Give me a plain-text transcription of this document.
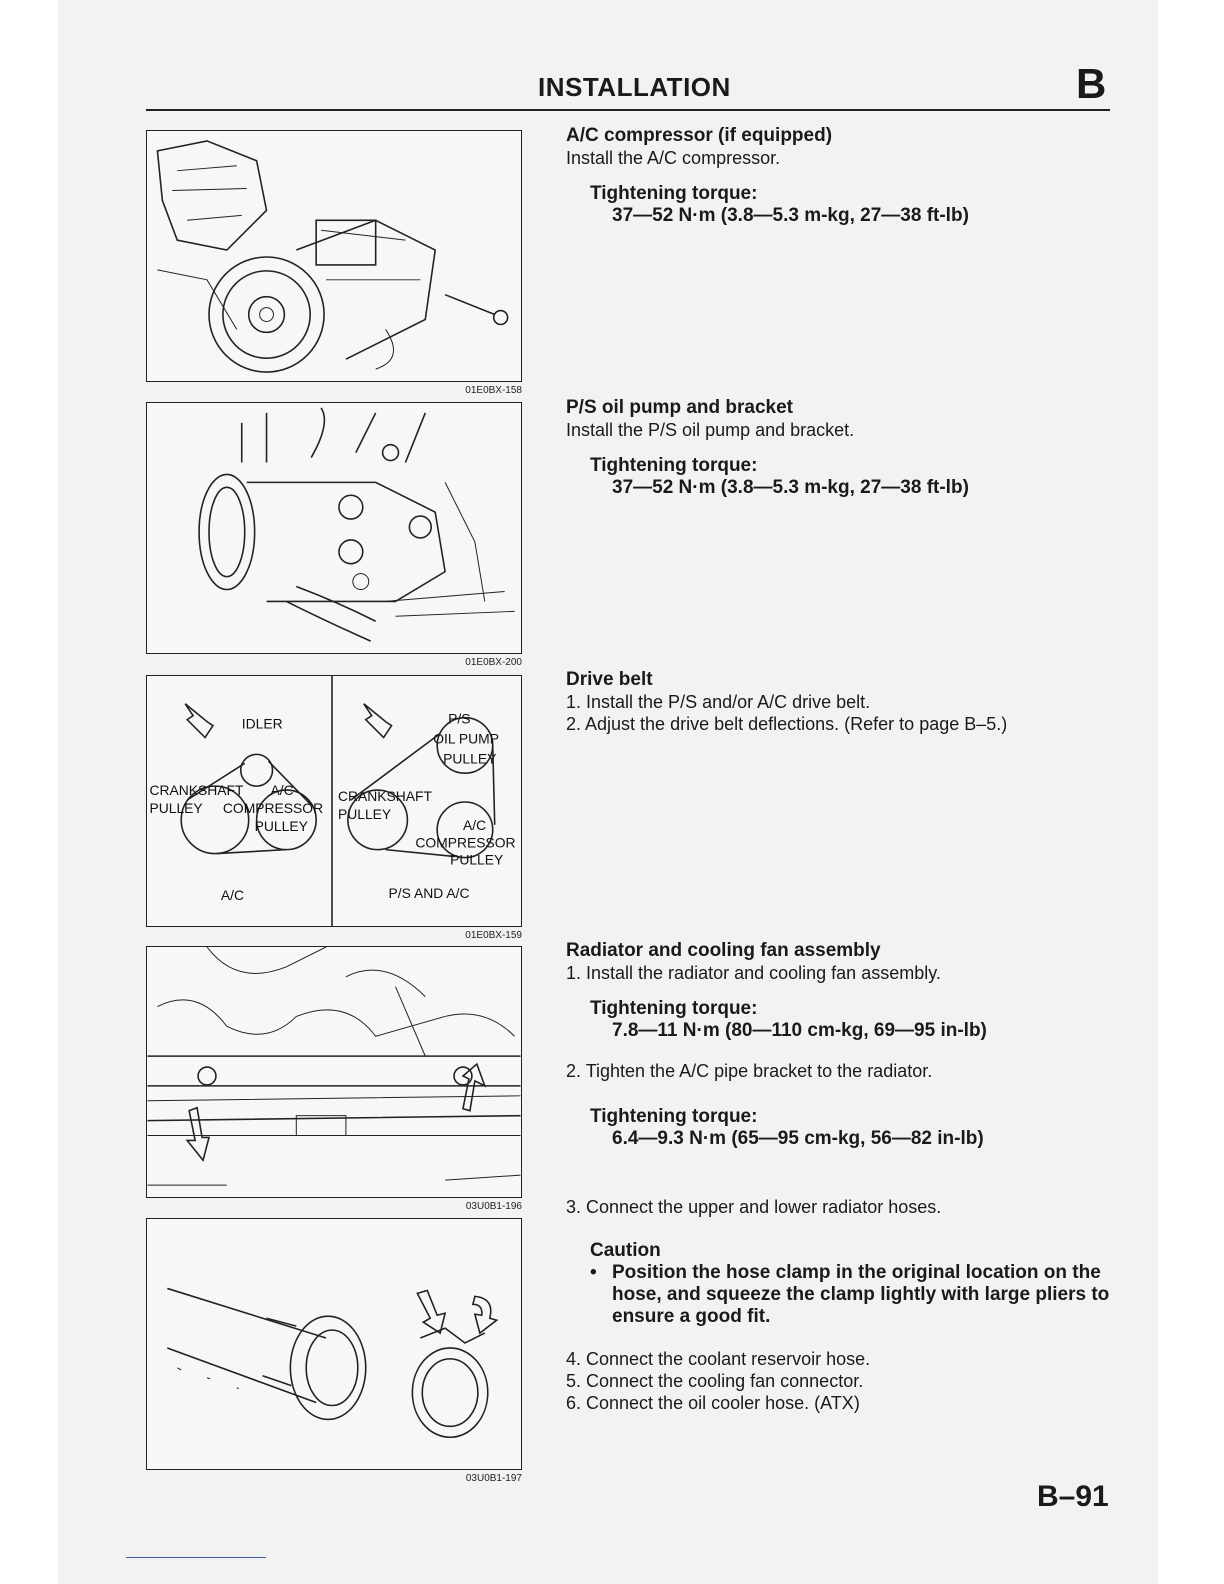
INSTALLATION	B
01E0BX-158
01E0BX-200
IDLER
CRANKSHAFT A/C
PULLEY COMPRESSOR
PULLEY
A/C
P/S
OIL PUMP
PULLEY
CRANKSHAFT
PULLEY
A/C
COMPRESSOR
PULLEY
P/S AND A/C
01E0BX-159
03U0B1-196
03U0B1-197
A/C compressor (if equipped)
Install the A/C compressor.
Tightening torque:
37—52 N·m (3.8—5.3 m-kg, 27—38 ft-lb)
P/S oil pump and bracket
Install the P/S oil pump and bracket.
Tightening torque:
37—52 N·m (3.8—5.3 m-kg, 27—38 ft-lb)
Drive belt
1. Install the P/S and/or A/C drive belt.
2. Adjust the drive belt deflections. (Refer to page B–5.)
Radiator and cooling fan assembly
1. Install the radiator and cooling fan assembly.
Tightening torque:
7.8—11 N·m (80—110 cm-kg, 69—95 in-lb)
2. Tighten the A/C pipe bracket to the radiator.
Tightening torque:
6.4—9.3 N·m (65—95 cm-kg, 56—82 in-lb)
3. Connect the upper and lower radiator hoses.
Caution
• Position the hose clamp in the original location on the hose, and squeeze the clamp lightly with large pliers to ensure a good fit.
4. Connect the coolant reservoir hose.
5. Connect the cooling fan connector.
6. Connect the oil cooler hose. (ATX)
B–91
